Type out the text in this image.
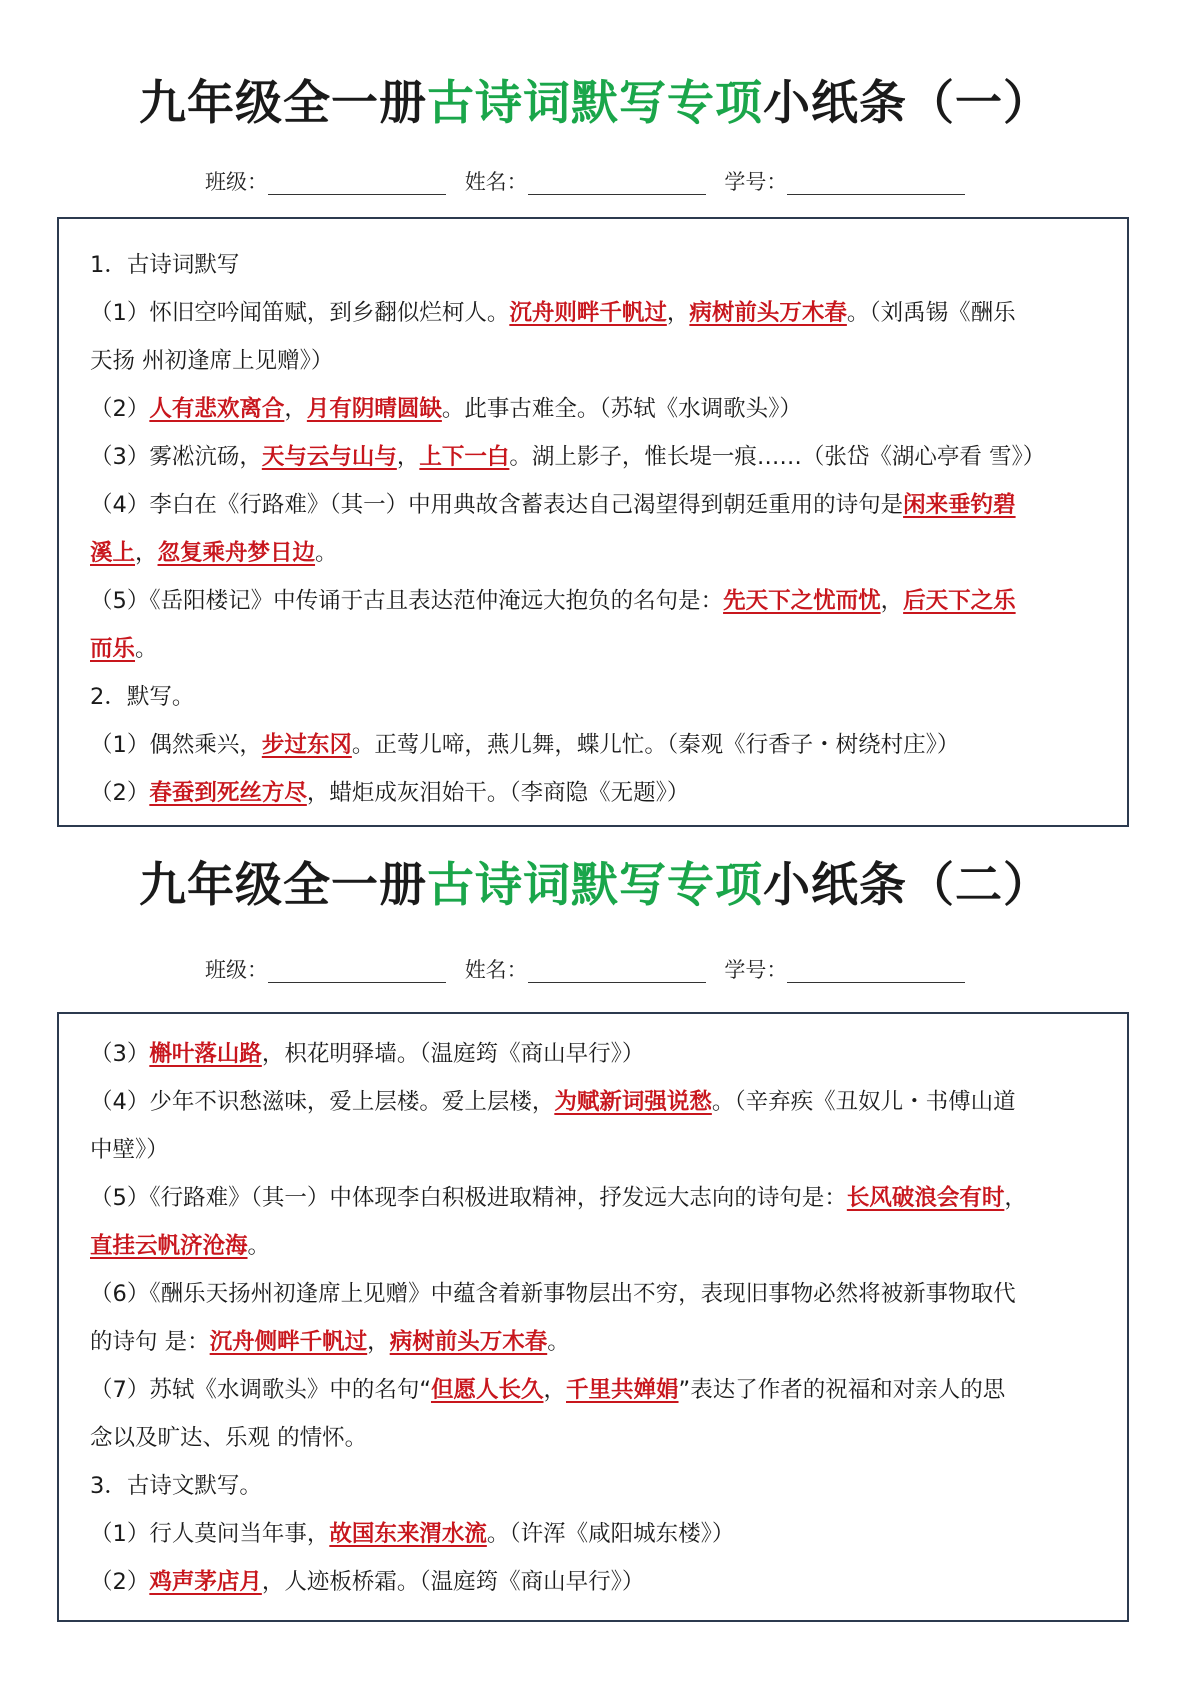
九年级全一册古诗词默写专项小纸条（一）
班级：	姓名：	学号：

1．古诗词默写

（1）怀旧空吟闻笛赋，到乡翻似烂柯人。沉舟则畔千帆过，病树前头万木春。（刘禹锡《酬乐

天扬 州初逢席上见赠》）

（2）人有悲欢离合，月有阴晴圆缺。此事古难全。（苏轼《水调歌头》）

（3）雾凇沆砀，天与云与山与，上下一白。湖上影子，惟长堤一痕……（张岱《湖心亭看 雪》）

（4）李白在《行路难》（其一）中用典故含蓄表达自己渴望得到朝廷重用的诗句是闲来垂钓碧

溪上，忽复乘舟梦日边。

（5）《岳阳楼记》中传诵于古且表达范仲淹远大抱负的名句是：先天下之忧而忧，后天下之乐

而乐。

2．默写。

（1）偶然乘兴，步过东冈。正莺儿啼，燕儿舞，蝶儿忙。（秦观《行香子・树绕村庄》）

（2）春蚕到死丝方尽，蜡炬成灰泪始干。（李商隐《无题》）

九年级全一册古诗词默写专项小纸条（二）
班级：	姓名：	学号：

（3）槲叶落山路，枳花明驿墙。（温庭筠《商山早行》）

（4）少年不识愁滋味，爱上层楼。爱上层楼，为赋新词强说愁。（辛弃疾《丑奴儿・书傅山道

中壁》）

（5）《行路难》（其一）中体现李白积极进取精神，抒发远大志向的诗句是：长风破浪会有时，

直挂云帆济沧海。

（6）《酬乐天扬州初逢席上见赠》中蕴含着新事物层出不穷，表现旧事物必然将被新事物取代

的诗句 是：沉舟侧畔千帆过，病树前头万木春。

（7）苏轼《水调歌头》中的名句“但愿人长久，千里共婵娟”表达了作者的祝福和对亲人的思

念以及旷达、乐观 的情怀。

3．古诗文默写。

（1）行人莫问当年事，故国东来渭水流。（许浑《咸阳城东楼》）

（2）鸡声茅店月，人迹板桥霜。（温庭筠《商山早行》）
